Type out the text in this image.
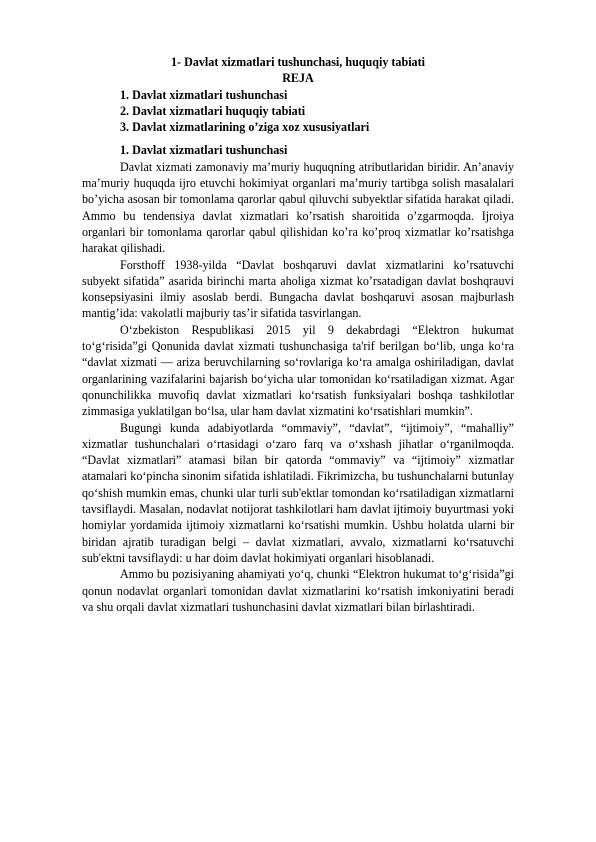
1- Davlat xizmatlari tushunchasi, huquqiy tabiati

REJA

1. Davlat xizmatlari tushunchasi
2. Davlat xizmatlari huquqiy tabiati
3. Davlat xizmatlarining o’ziga xoz xususiyatlari

1. Davlat xizmatlari tushunchasi

Davlat xizmati zamonaviy ma’muriy huquqning atributlaridan biridir. An’anaviy ma’muriy huquqda ijro etuvchi hokimiyat organlari ma’muriy tartibga solish masalalari bo’yicha asosan bir tomonlama qarorlar qabul qiluvchi subyektlar sifatida harakat qiladi. Ammo bu tendensiya davlat xizmatlari ko’rsatish sharoitida o’zgarmoqda. Ijroiya organlari bir tomonlama qarorlar qabul qilishidan ko’ra ko’proq xizmatlar ko’rsatishga harakat qilishadi.

Forsthoff 1938-yilda “Davlat boshqaruvi davlat xizmatlarini ko’rsatuvchi subyekt sifatida” asarida birinchi marta aholiga xizmat ko’rsatadigan davlat boshqrauvi konsepsiyasini ilmiy asoslab berdi. Bungacha davlat boshqaruvi asosan majburlash mantig’ida: vakolatli majburiy tas’ir sifatida tasvirlangan.

O‘zbekiston Respublikasi 2015 yil 9 dekabrdagi “Elektron hukumat to‘g‘risida”gi Qonunida davlat xizmati tushunchasiga ta'rif berilgan bo‘lib, unga ko‘ra “davlat xizmati — ariza beruvchilarning so‘rovlariga ko‘ra amalga oshiriladigan, davlat organlarining vazifalarini bajarish bo‘yicha ular tomonidan ko‘rsatiladigan xizmat. Agar qonunchilikka muvofiq davlat xizmatlari ko‘rsatish funksiyalari boshqa tashkilotlar zimmasiga yuklatilgan bo‘lsa, ular ham davlat xizmatini ko‘rsatishlari mumkin”.

Bugungi kunda adabiyotlarda “ommaviy”, “davlat”, “ijtimoiy”, “mahalliy” xizmatlar tushunchalari o‘rtasidagi o‘zaro farq va o‘xshash jihatlar o‘rganilmoqda. “Davlat xizmatlari” atamasi bilan bir qatorda “ommaviy” va “ijtimoiy” xizmatlar atamalari ko‘pincha sinonim sifatida ishlatiladi. Fikrimizcha, bu tushunchalarni butunlay qo‘shish mumkin emas, chunki ular turli sub'ektlar tomondan ko‘rsatiladigan xizmatlarni tavsiflaydi. Masalan, nodavlat notijorat tashkilotlari ham davlat ijtimoiy buyurtmasi yoki homiylar yordamida ijtimoiy xizmatlarni ko‘rsatishi mumkin. Ushbu holatda ularni bir biridan ajratib turadigan belgi – davlat xizmatlari, avvalo, xizmatlarni ko‘rsatuvchi sub'ektni tavsiflaydi: u har doim davlat hokimiyati organlari hisoblanadi.

Ammo bu pozisiyaning ahamiyati yo‘q, chunki “Elektron hukumat to‘g‘risida”gi qonun nodavlat organlari tomonidan davlat xizmatlarini ko‘rsatish imkoniyatini beradi va shu orqali davlat xizmatlari tushunchasini davlat xizmatlari bilan birlashtiradi.
